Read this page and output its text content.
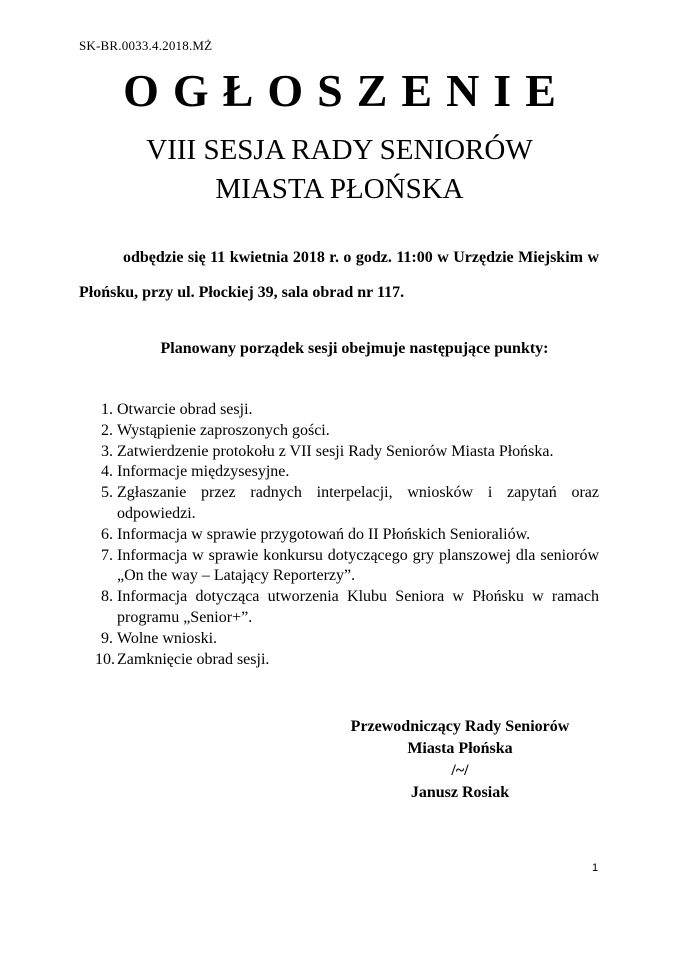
SK-BR.0033.4.2018.MŻ
OGŁOSZENIE
VIII SESJA RADY SENIORÓW
MIASTA PŁOŃSKA

odbędzie się 11 kwietnia 2018 r. o godz. 11:00 w Urzędzie Miejskim w Płońsku, przy ul. Płockiej 39, sala obrad nr 117.

Planowany porządek sesji obejmuje następujące punkty:
1. Otwarcie obrad sesji.
2. Wystąpienie zaproszonych gości.
3. Zatwierdzenie protokołu z VII sesji Rady Seniorów Miasta Płońska.
4. Informacje międzysesyjne.
5. Zgłaszanie przez radnych interpelacji, wniosków i zapytań oraz odpowiedzi.
6. Informacja w sprawie przygotowań do II Płońskich Senioraliów.
7. Informacja w sprawie konkursu dotyczącego gry planszowej dla seniorów „On the way – Latający Reporterzy”.
8. Informacja dotycząca utworzenia Klubu Seniora w Płońsku w ramach programu „Senior+”.
9. Wolne wnioski.
10. Zamknięcie obrad sesji.
Przewodniczący Rady Seniorów
Miasta Płońska
/~/
Janusz Rosiak
1
